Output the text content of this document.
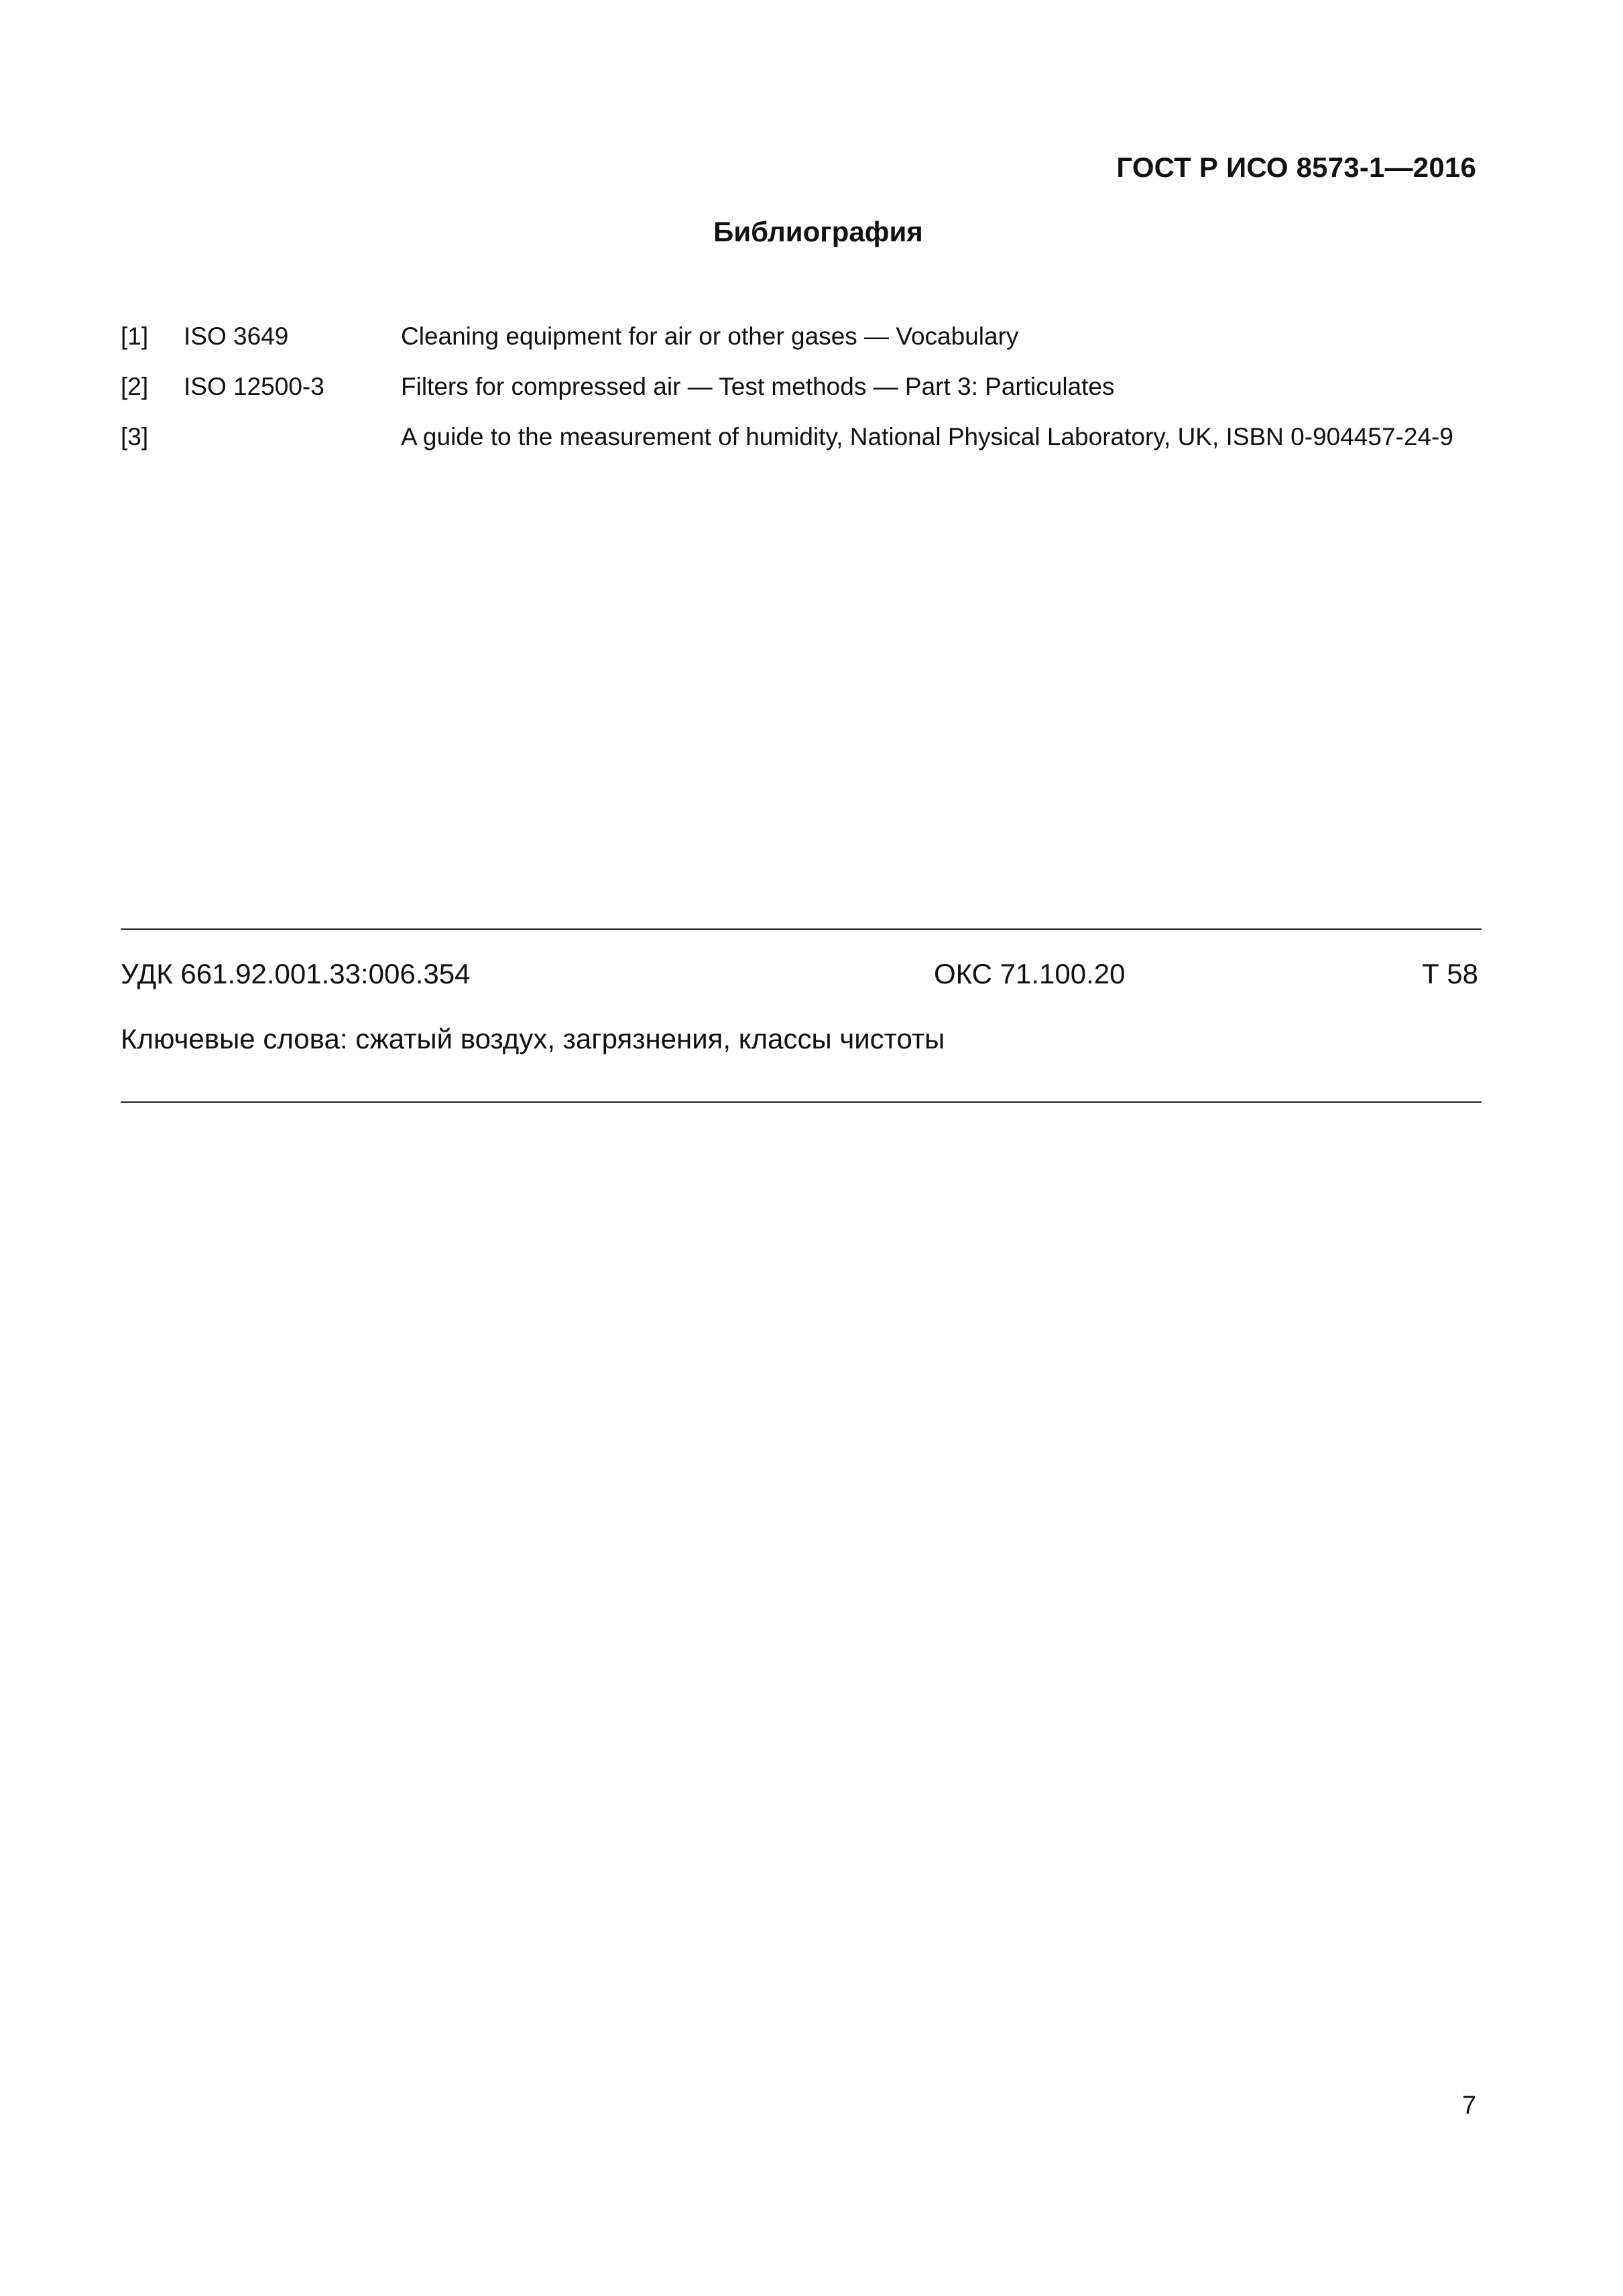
ГОСТ Р ИСО 8573-1—2016
Библиография
[1] ISO 3649	Cleaning equipment for air or other gases — Vocabulary
[2] ISO 12500-3	Filters for compressed air — Test methods — Part 3: Particulates
[3]	A guide to the measurement of humidity, National Physical Laboratory, UK, ISBN 0-904457-24-9
УДК 661.92.001.33:006.354	ОКС 71.100.20	Т 58
Ключевые слова: сжатый воздух, загрязнения, классы чистоты
7
